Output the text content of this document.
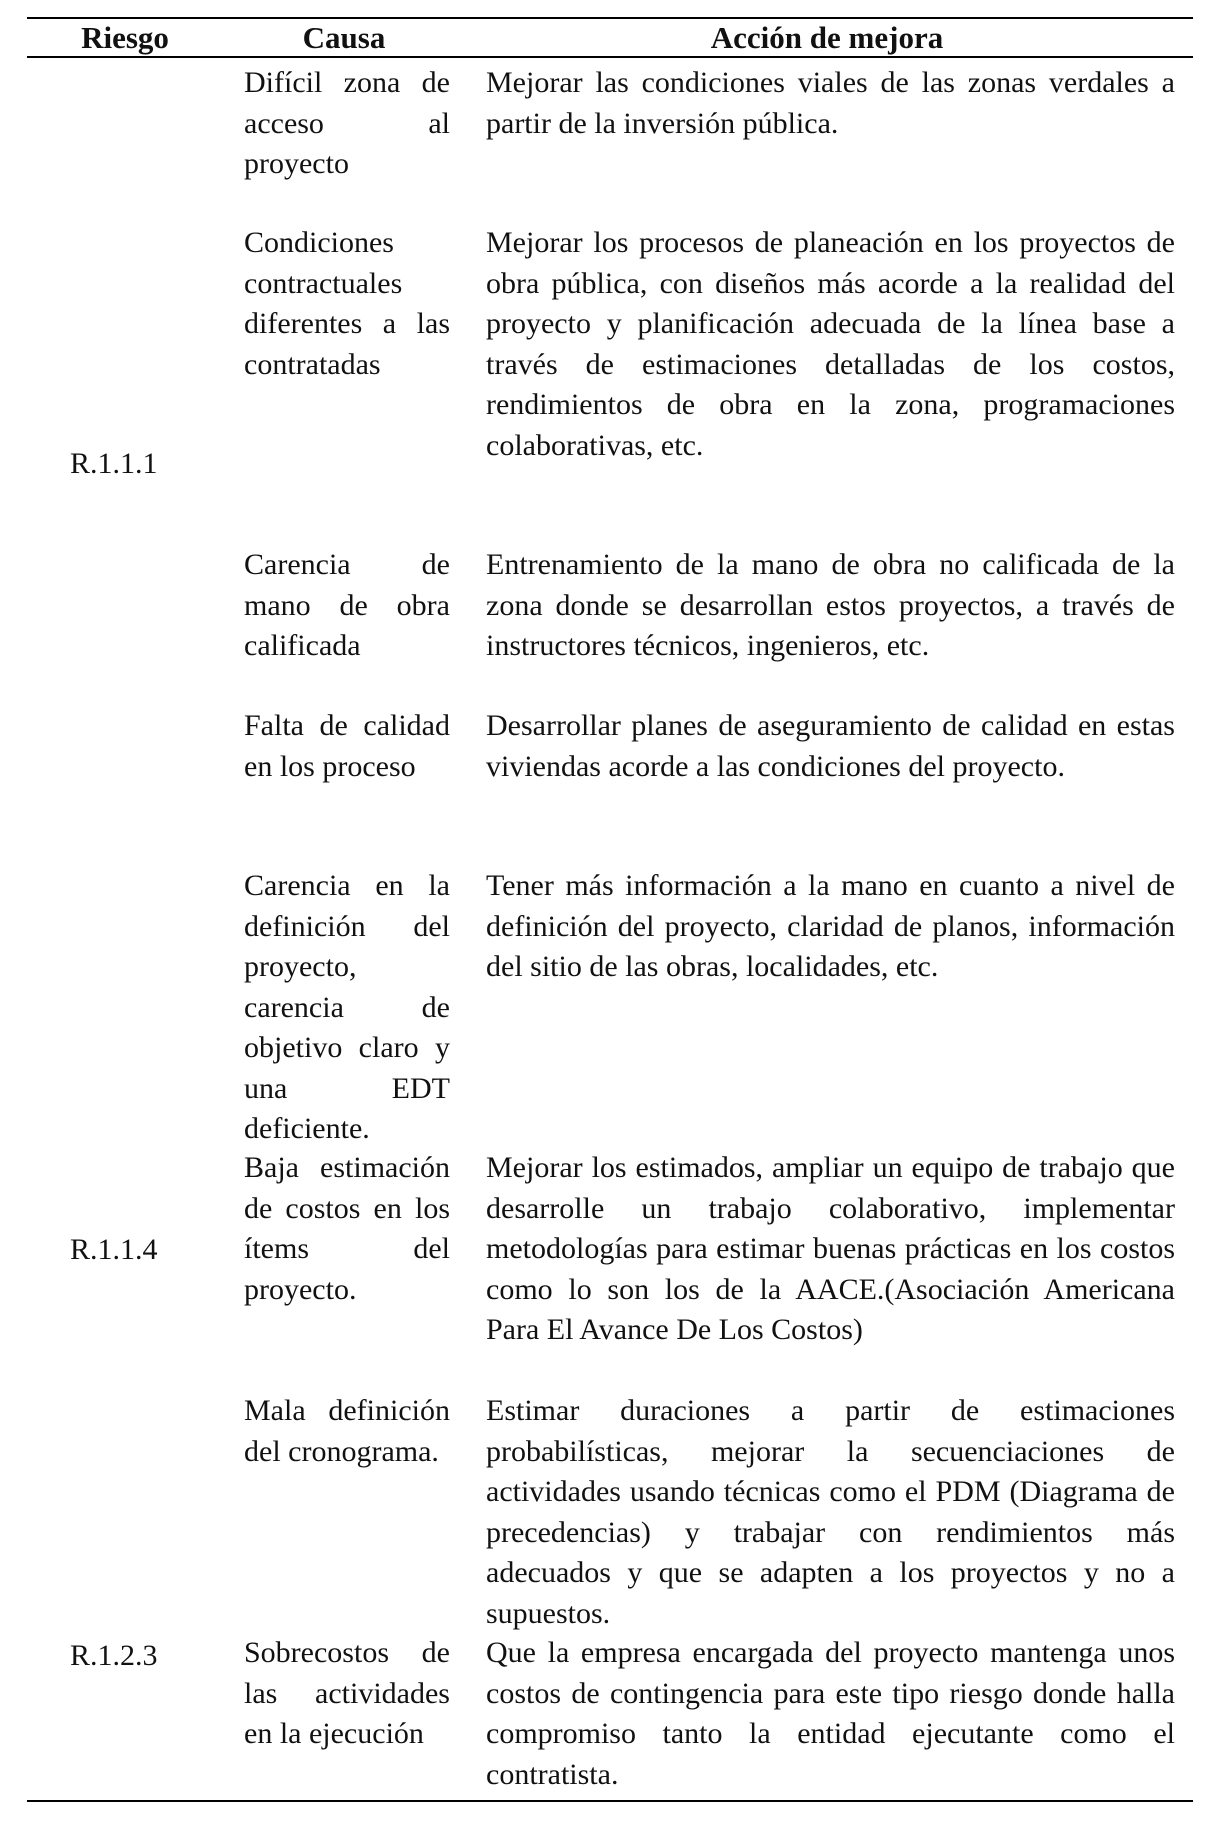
Riesgo	Causa	Acción de mejora
R.1.1.1
R.1.1.4
R.1.2.3
Difícil zona de acceso al proyecto
Mejorar las condiciones viales de las zonas verdales a partir de la inversión pública.
Condiciones contractuales diferentes a las contratadas
Mejorar los procesos de planeación en los proyectos de obra pública, con diseños más acorde a la realidad del proyecto y planificación adecuada de la línea base a través de estimaciones detalladas de los costos, rendimientos de obra en la zona, programaciones colaborativas, etc.
Carencia de mano de obra calificada
Entrenamiento de la mano de obra no calificada de la zona donde se desarrollan estos proyectos, a través de instructores técnicos, ingenieros, etc.
Falta de calidad en los proceso
Desarrollar planes de aseguramiento de calidad en estas viviendas acorde a las condiciones del proyecto.
Carencia en la definición del proyecto, carencia de objetivo claro y una EDT deficiente.
Tener más información a la mano en cuanto a nivel de definición del proyecto, claridad de planos, información del sitio de las obras, localidades, etc.
Baja estimación de costos en los ítems del proyecto.
Mejorar los estimados, ampliar un equipo de trabajo que desarrolle un trabajo colaborativo, implementar metodologías para estimar buenas prácticas en los costos como lo son los de la AACE.(Asociación Americana Para El Avance De Los Costos)
Mala definición del cronograma.
Estimar duraciones a partir de estimaciones probabilísticas, mejorar la secuenciaciones de actividades usando técnicas como el PDM (Diagrama de precedencias) y trabajar con rendimientos más adecuados y que se adapten a los proyectos y no a supuestos.
Sobrecostos de las actividades en la ejecución
Que la empresa encargada del proyecto mantenga unos costos de contingencia para este tipo riesgo donde halla compromiso tanto la entidad ejecutante como el contratista.
